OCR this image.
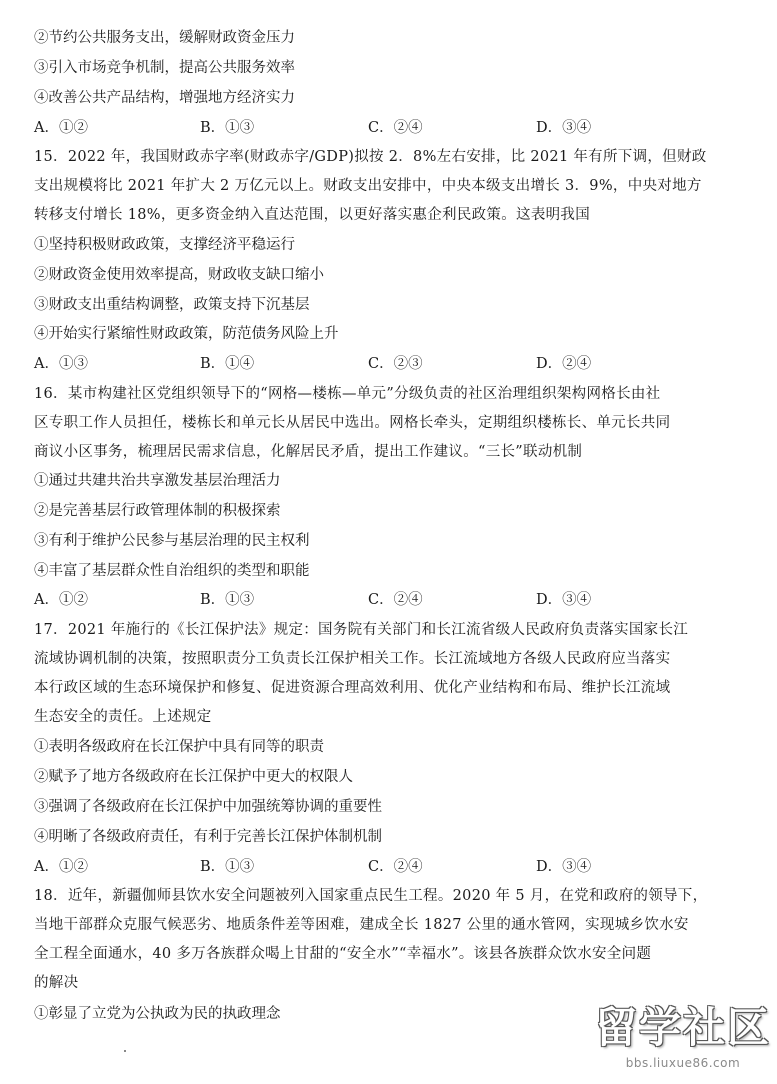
②节约公共服务支出，缓解财政资金压力
③引入市场竞争机制，提高公共服务效率
④改善公共产品结构，增强地方经济实力
A．①②	B．①③	C．②④	D．③④
15．2022 年，我国财政赤字率(财政赤字/GDP)拟按 2．8%左右安排，比 2021 年有所下调，但财政
支出规模将比 2021 年扩大 2 万亿元以上。财政支出安排中，中央本级支出增长 3．9%，中央对地方
转移支付增长 18%，更多资金纳入直达范围，以更好落实惠企利民政策。这表明我国
①坚持积极财政政策，支撑经济平稳运行
②财政资金使用效率提高，财政收支缺口缩小
③财政支出重结构调整，政策支持下沉基层
④开始实行紧缩性财政政策，防范债务风险上升
A．①③	B．①④	C．②③	D．②④
16．某市构建社区党组织领导下的“网格—楼栋—单元”分级负责的社区治理组织架构网格长由社
区专职工作人员担任，楼栋长和单元长从居民中选出。网格长牵头，定期组织楼栋长、单元长共同
商议小区事务，梳理居民需求信息，化解居民矛盾，提出工作建议。“三长”联动机制
①通过共建共治共享激发基层治理活力
②是完善基层行政管理体制的积极探索
③有利于维护公民参与基层治理的民主权利
④丰富了基层群众性自治组织的类型和职能
A．①②	B．①③	C．②④	D．③④
17．2021 年施行的《长江保护法》规定：国务院有关部门和长江流省级人民政府负责落实国家长江
流域协调机制的决策，按照职责分工负责长江保护相关工作。长江流域地方各级人民政府应当落实
本行政区域的生态环境保护和修复、促进资源合理高效利用、优化产业结构和布局、维护长江流域
生态安全的责任。上述规定
①表明各级政府在长江保护中具有同等的职责
②赋予了地方各级政府在长江保护中更大的权限人
③强调了各级政府在长江保护中加强统筹协调的重要性
④明晰了各级政府责任，有利于完善长江保护体制机制
A．①②	B．①③	C．②④	D．③④
18．近年，新疆伽师县饮水安全问题被列入国家重点民生工程。2020 年 5 月，在党和政府的领导下，
当地干部群众克服气候恶劣、地质条件差等困难，建成全长 1827 公里的通水管网，实现城乡饮水安
全工程全面通水，40 多万各族群众喝上甘甜的“安全水”“幸福水”。该县各族群众饮水安全问题
的解决
①彰显了立党为公执政为民的执政理念	留学社区
bbs.liuxue86.com
